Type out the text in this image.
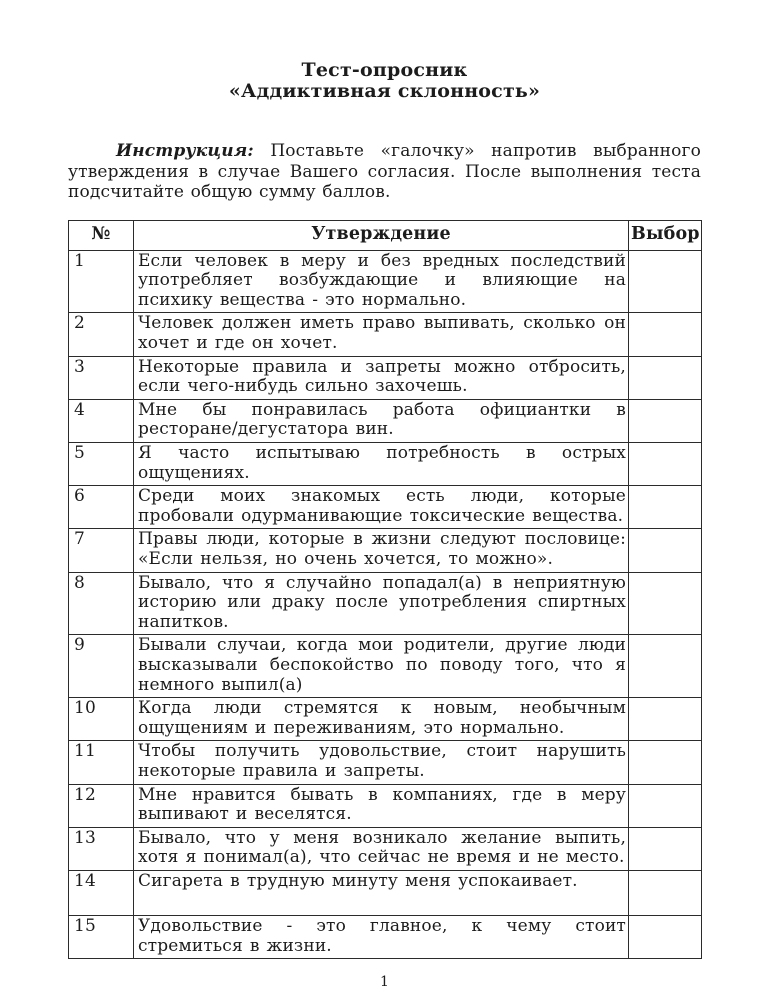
Тест-опросник
«Аддиктивная склонность»

Инструкция: Поставьте «галочку» напротив выбранного утверждения в случае Вашего согласия. После выполнения теста подсчитайте общую сумму баллов.

№	Утверждение	Выбор
1	Если человек в меру и без вредных последствий употребляет возбуждающие и влияющие на психику вещества - это нормально.	
2	Человек должен иметь право выпивать, сколько он хочет и где он хочет.	
3	Некоторые правила и запреты можно отбросить, если чего-нибудь сильно захочешь.	
4	Мне бы понравилась работа официантки в ресторане/дегустатора вин.	
5	Я часто испытываю потребность в острых ощущениях.	
6	Среди моих знакомых есть люди, которые пробовали одурманивающие токсические вещества.	
7	Правы люди, которые в жизни следуют пословице: «Если нельзя, но очень хочется, то можно».	
8	Бывало, что я случайно попадал(а) в неприятную историю или драку после употребления спиртных напитков.	
9	Бывали случаи, когда мои родители, другие люди высказывали беспокойство по поводу того, что я немного выпил(а)	
10	Когда люди стремятся к новым, необычным ощущениям и переживаниям, это нормально.	
11	Чтобы получить удовольствие, стоит нарушить некоторые правила и запреты.	
12	Мне нравится бывать в компаниях, где в меру выпивают и веселятся.	
13	Бывало, что у меня возникало желание выпить, хотя я понимал(а), что сейчас не время и не место.	
14	Сигарета в трудную минуту меня успокаивает.	
15	Удовольствие - это главное, к чему стоит стремиться в жизни.	
1
